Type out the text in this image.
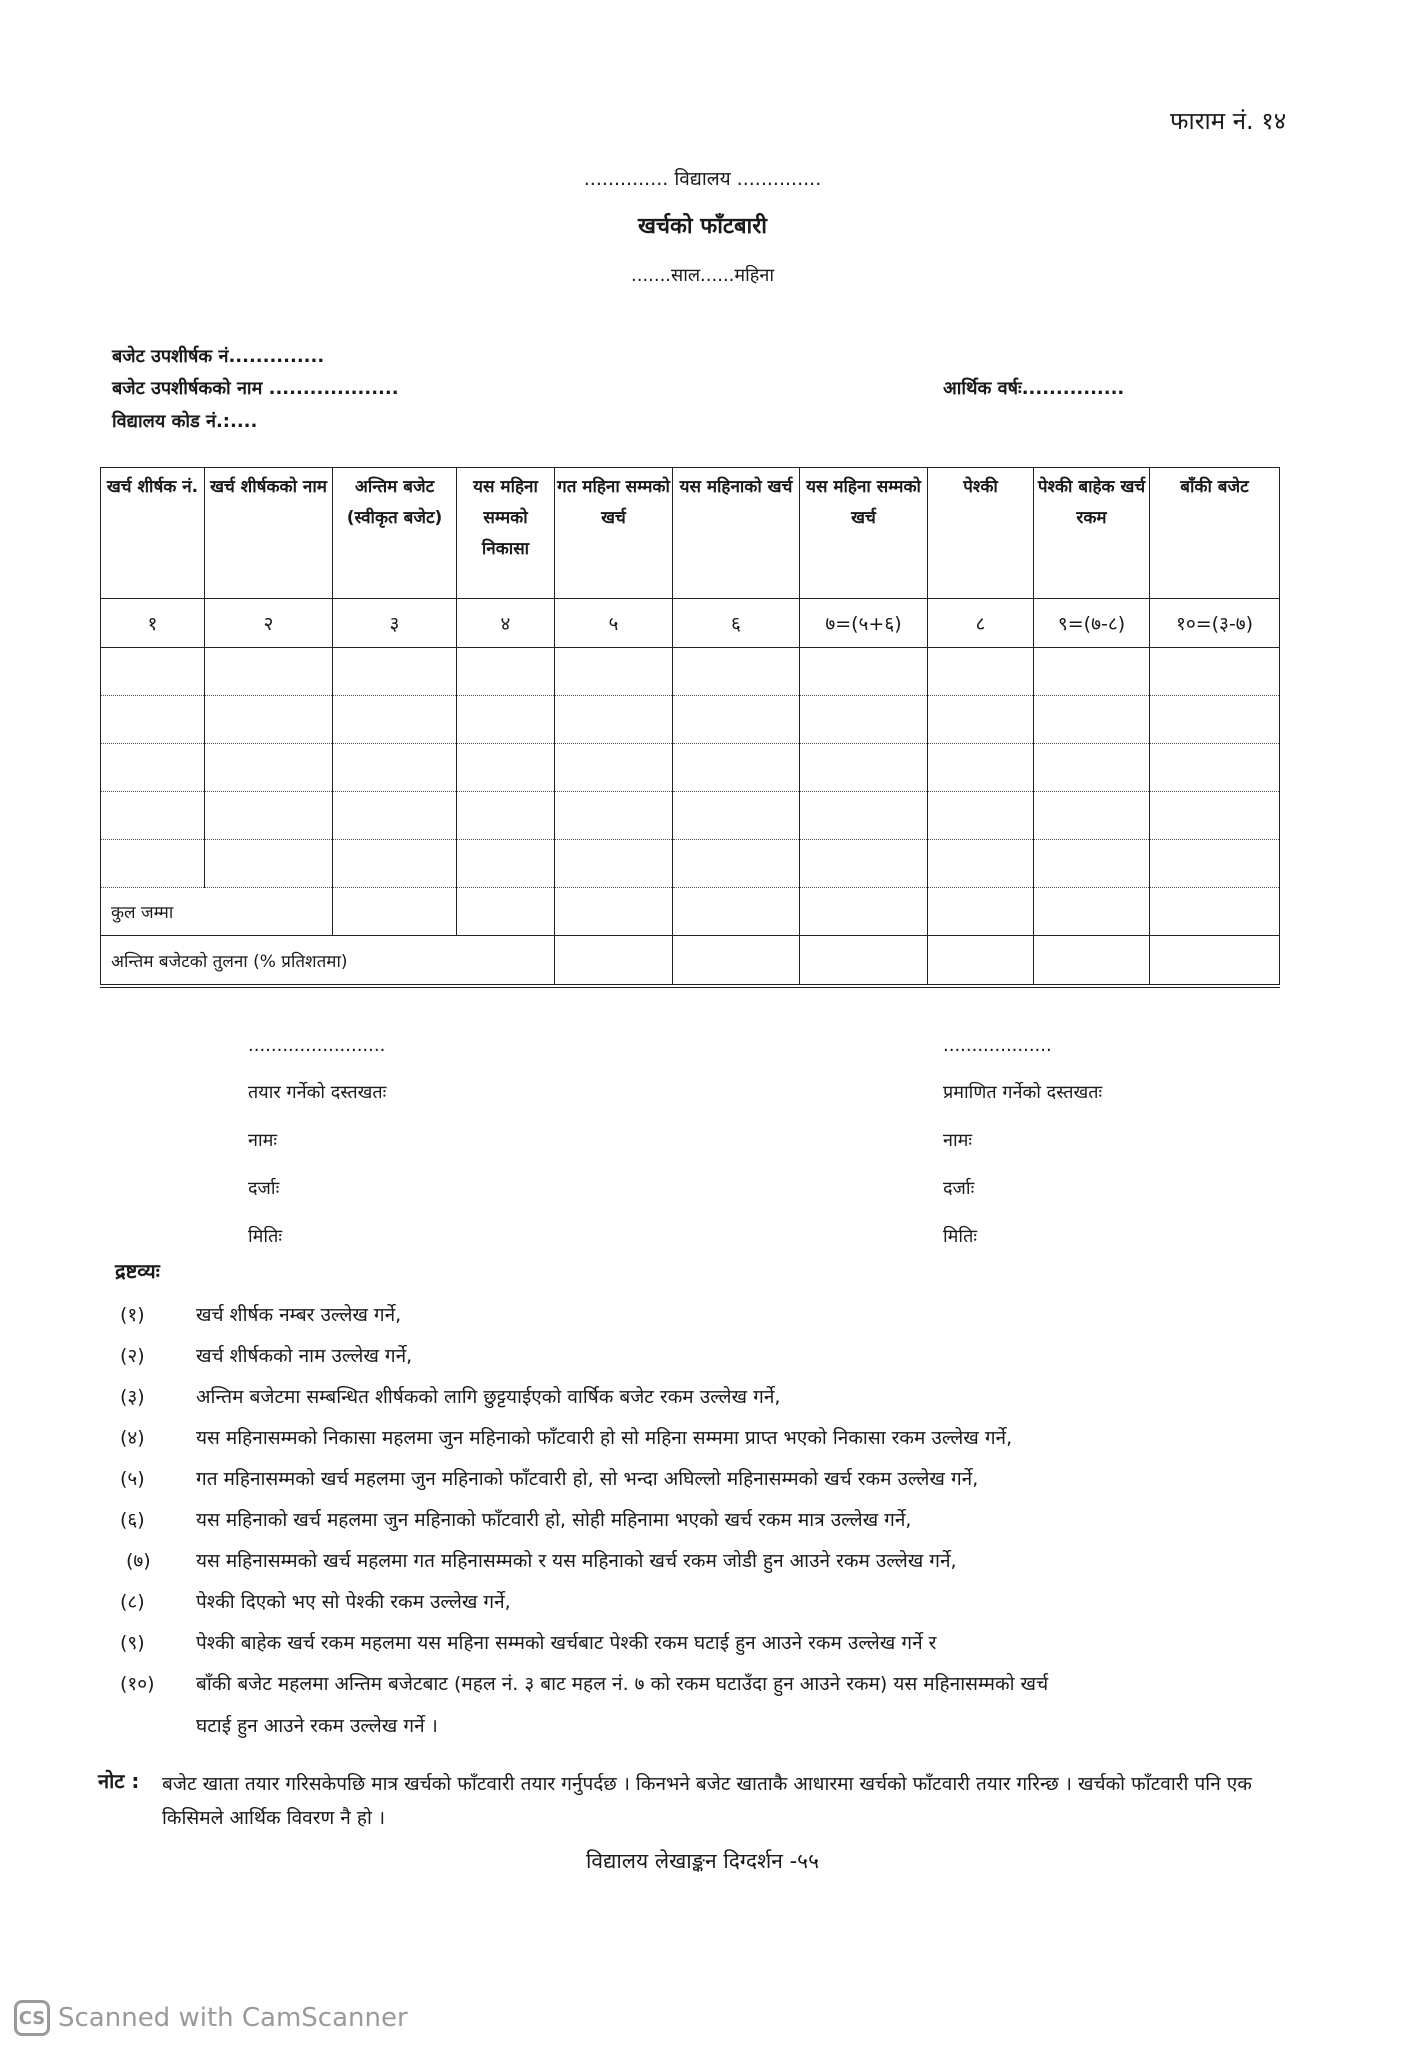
फाराम नं. १४
.............. विद्यालय ..............
खर्चको फाँटबारी
.......साल......महिना
बजेट उपशीर्षक नं..............
बजेट उपशीर्षकको नाम ...................
विद्यालय कोड नं.:....
आर्थिक वर्षः...............
खर्च शीर्षक नं.	खर्च शीर्षकको नाम	अन्तिम बजेट (स्वीकृत बजेट)	यस महिना सम्मको निकासा	गत महिना सम्मको खर्च	यस महिनाको खर्च	यस महिना सम्मको खर्च	पेश्की	पेश्की बाहेक खर्च रकम	बाँकी बजेट
१	२	३	४	५	६	७=(५+६)	८	९=(७-८)	१०=(३-७)

कुल जम्मा									
अन्तिम बजेटको तुलना (% प्रतिशतमा)									
........................
तयार गर्नेको दस्तखतः
नामः
दर्जाः
मितिः
...................
प्रमाणित गर्नेको दस्तखतः
नामः
दर्जाः
मितिः
द्रष्टव्यः
(१)	खर्च शीर्षक नम्बर उल्लेख गर्ने,
(२)	खर्च शीर्षकको नाम उल्लेख गर्ने,
(३)	अन्तिम बजेटमा सम्बन्धित शीर्षकको लागि छुट्टयाईएको वार्षिक बजेट रकम उल्लेख गर्ने,
(४)	यस महिनासम्मको निकासा महलमा जुन महिनाको फाँटवारी हो सो महिना सम्ममा प्राप्त भएको निकासा रकम उल्लेख गर्ने,
(५)	गत महिनासम्मको खर्च महलमा जुन महिनाको फाँटवारी हो, सो भन्दा अघिल्लो महिनासम्मको खर्च रकम उल्लेख गर्ने,
(६)	यस महिनाको खर्च महलमा जुन महिनाको फाँटवारी हो, सोही महिनामा भएको खर्च रकम मात्र उल्लेख गर्ने,
(७) यस महिनासम्मको खर्च महलमा गत महिनासम्मको र यस महिनाको खर्च रकम जोडी हुन आउने रकम उल्लेख गर्ने,
(८)	पेश्की दिएको भए सो पेश्की रकम उल्लेख गर्ने,
(९)	पेश्की बाहेक खर्च रकम महलमा यस महिना सम्मको खर्चबाट पेश्की रकम घटाई हुन आउने रकम उल्लेख गर्ने र
(१०) बाँकी बजेट महलमा अन्तिम बजेटबाट (महल नं. ३ बाट महल नं. ७ को रकम घटाउँदा हुन आउने रकम) यस महिनासम्मको खर्च
घटाई हुन आउने रकम उल्लेख गर्ने ।
नोट : बजेट खाता तयार गरिसकेपछि मात्र खर्चको फाँटवारी तयार गर्नुपर्दछ । किनभने बजेट खाताकै आधारमा खर्चको फाँटवारी तयार गरिन्छ । खर्चको फाँटवारी पनि एक किसिमले आर्थिक विवरण नै हो ।
विद्यालय लेखाङ्कन दिग्दर्शन -५५
CS Scanned with CamScanner
